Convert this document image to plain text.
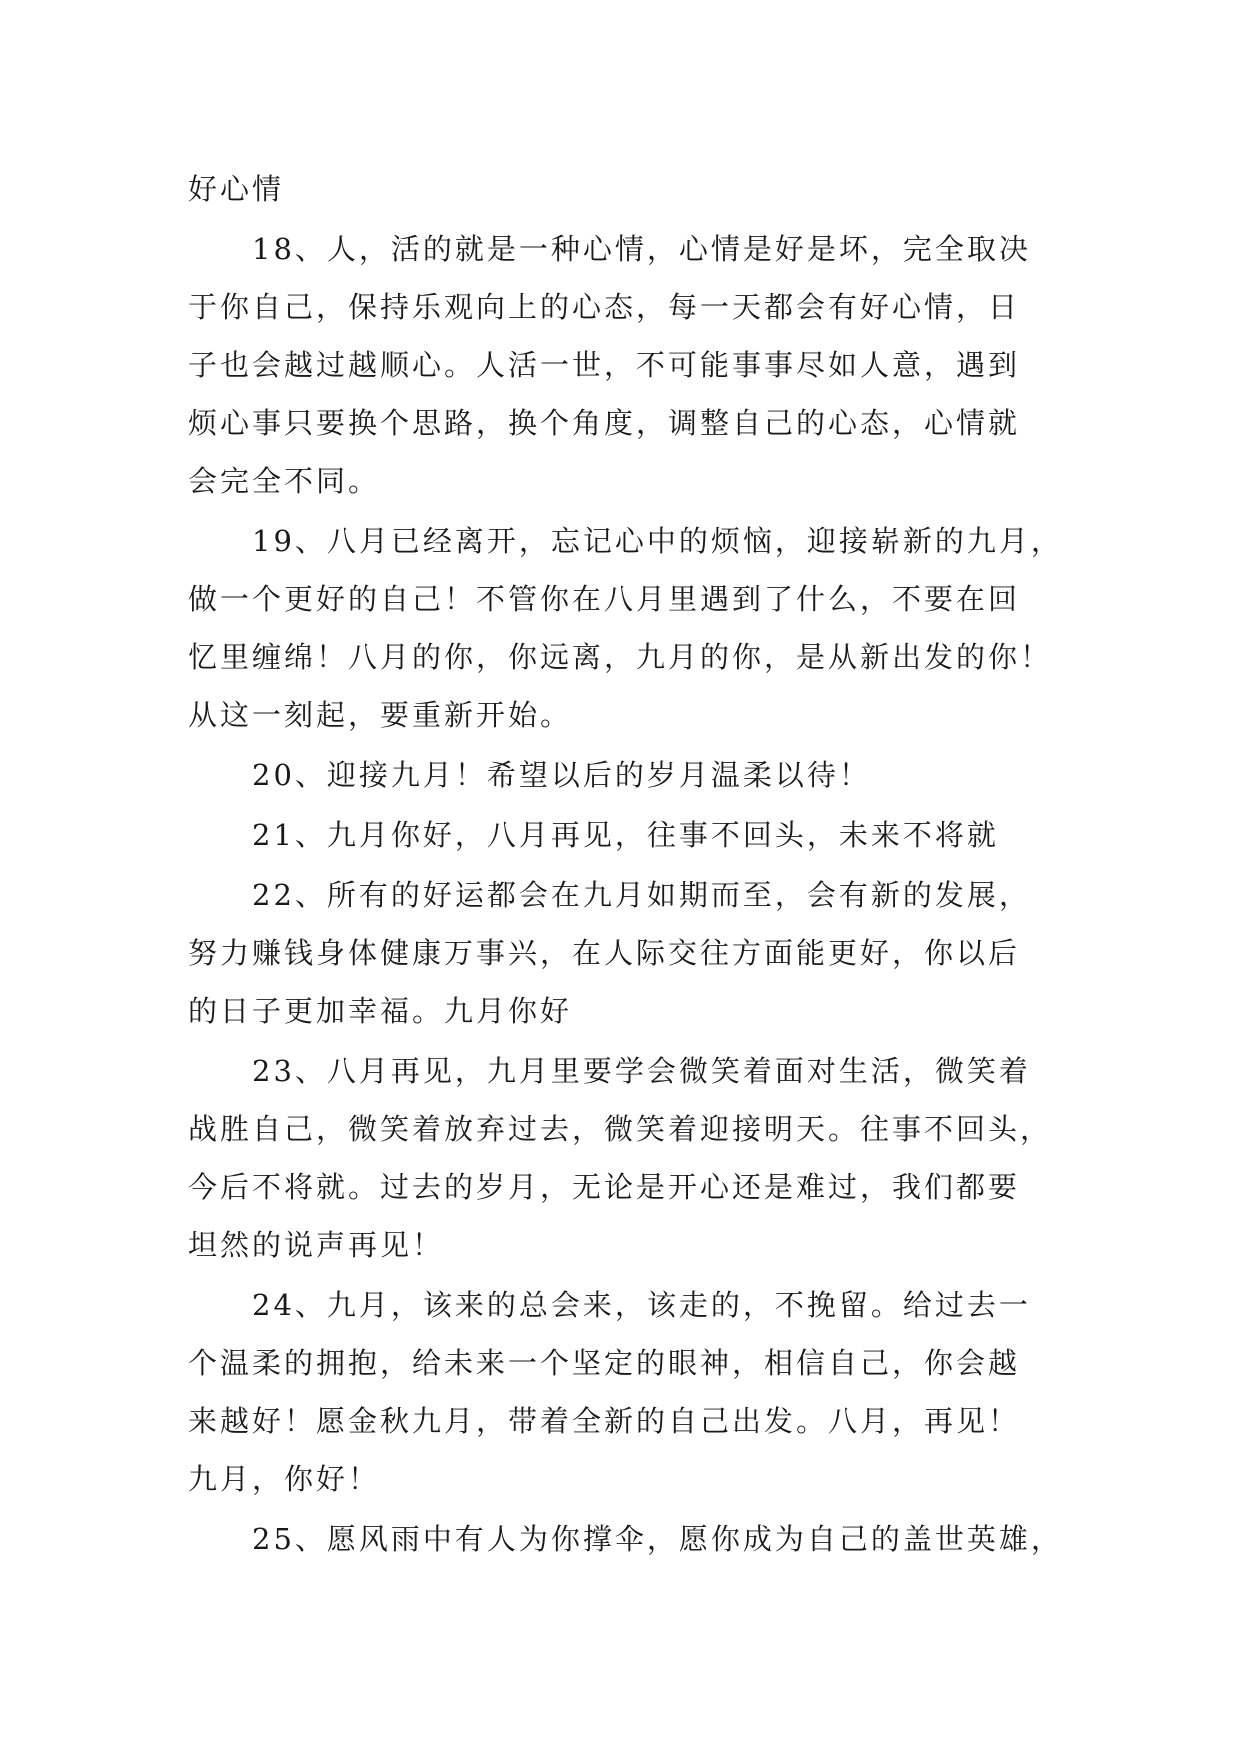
好心情
18、人，活的就是一种心情，心情是好是坏，完全取决
于你自己，保持乐观向上的心态，每一天都会有好心情，日
子也会越过越顺心。人活一世，不可能事事尽如人意，遇到
烦心事只要换个思路，换个角度，调整自己的心态，心情就
会完全不同。
19、八月已经离开，忘记心中的烦恼，迎接崭新的九月，
做一个更好的自己！不管你在八月里遇到了什么，不要在回
忆里缠绵！八月的你，你远离，九月的你，是从新出发的你！
从这一刻起，要重新开始。
20、迎接九月！希望以后的岁月温柔以待！
21、九月你好，八月再见，往事不回头，未来不将就
22、所有的好运都会在九月如期而至，会有新的发展，
努力赚钱身体健康万事兴，在人际交往方面能更好，你以后
的日子更加幸福。九月你好
23、八月再见，九月里要学会微笑着面对生活，微笑着
战胜自己，微笑着放弃过去，微笑着迎接明天。往事不回头，
今后不将就。过去的岁月，无论是开心还是难过，我们都要
坦然的说声再见！
24、九月，该来的总会来，该走的，不挽留。给过去一
个温柔的拥抱，给未来一个坚定的眼神，相信自己，你会越
来越好！愿金秋九月，带着全新的自己出发。八月，再见！
九月，你好！
25、愿风雨中有人为你撑伞，愿你成为自己的盖世英雄，
